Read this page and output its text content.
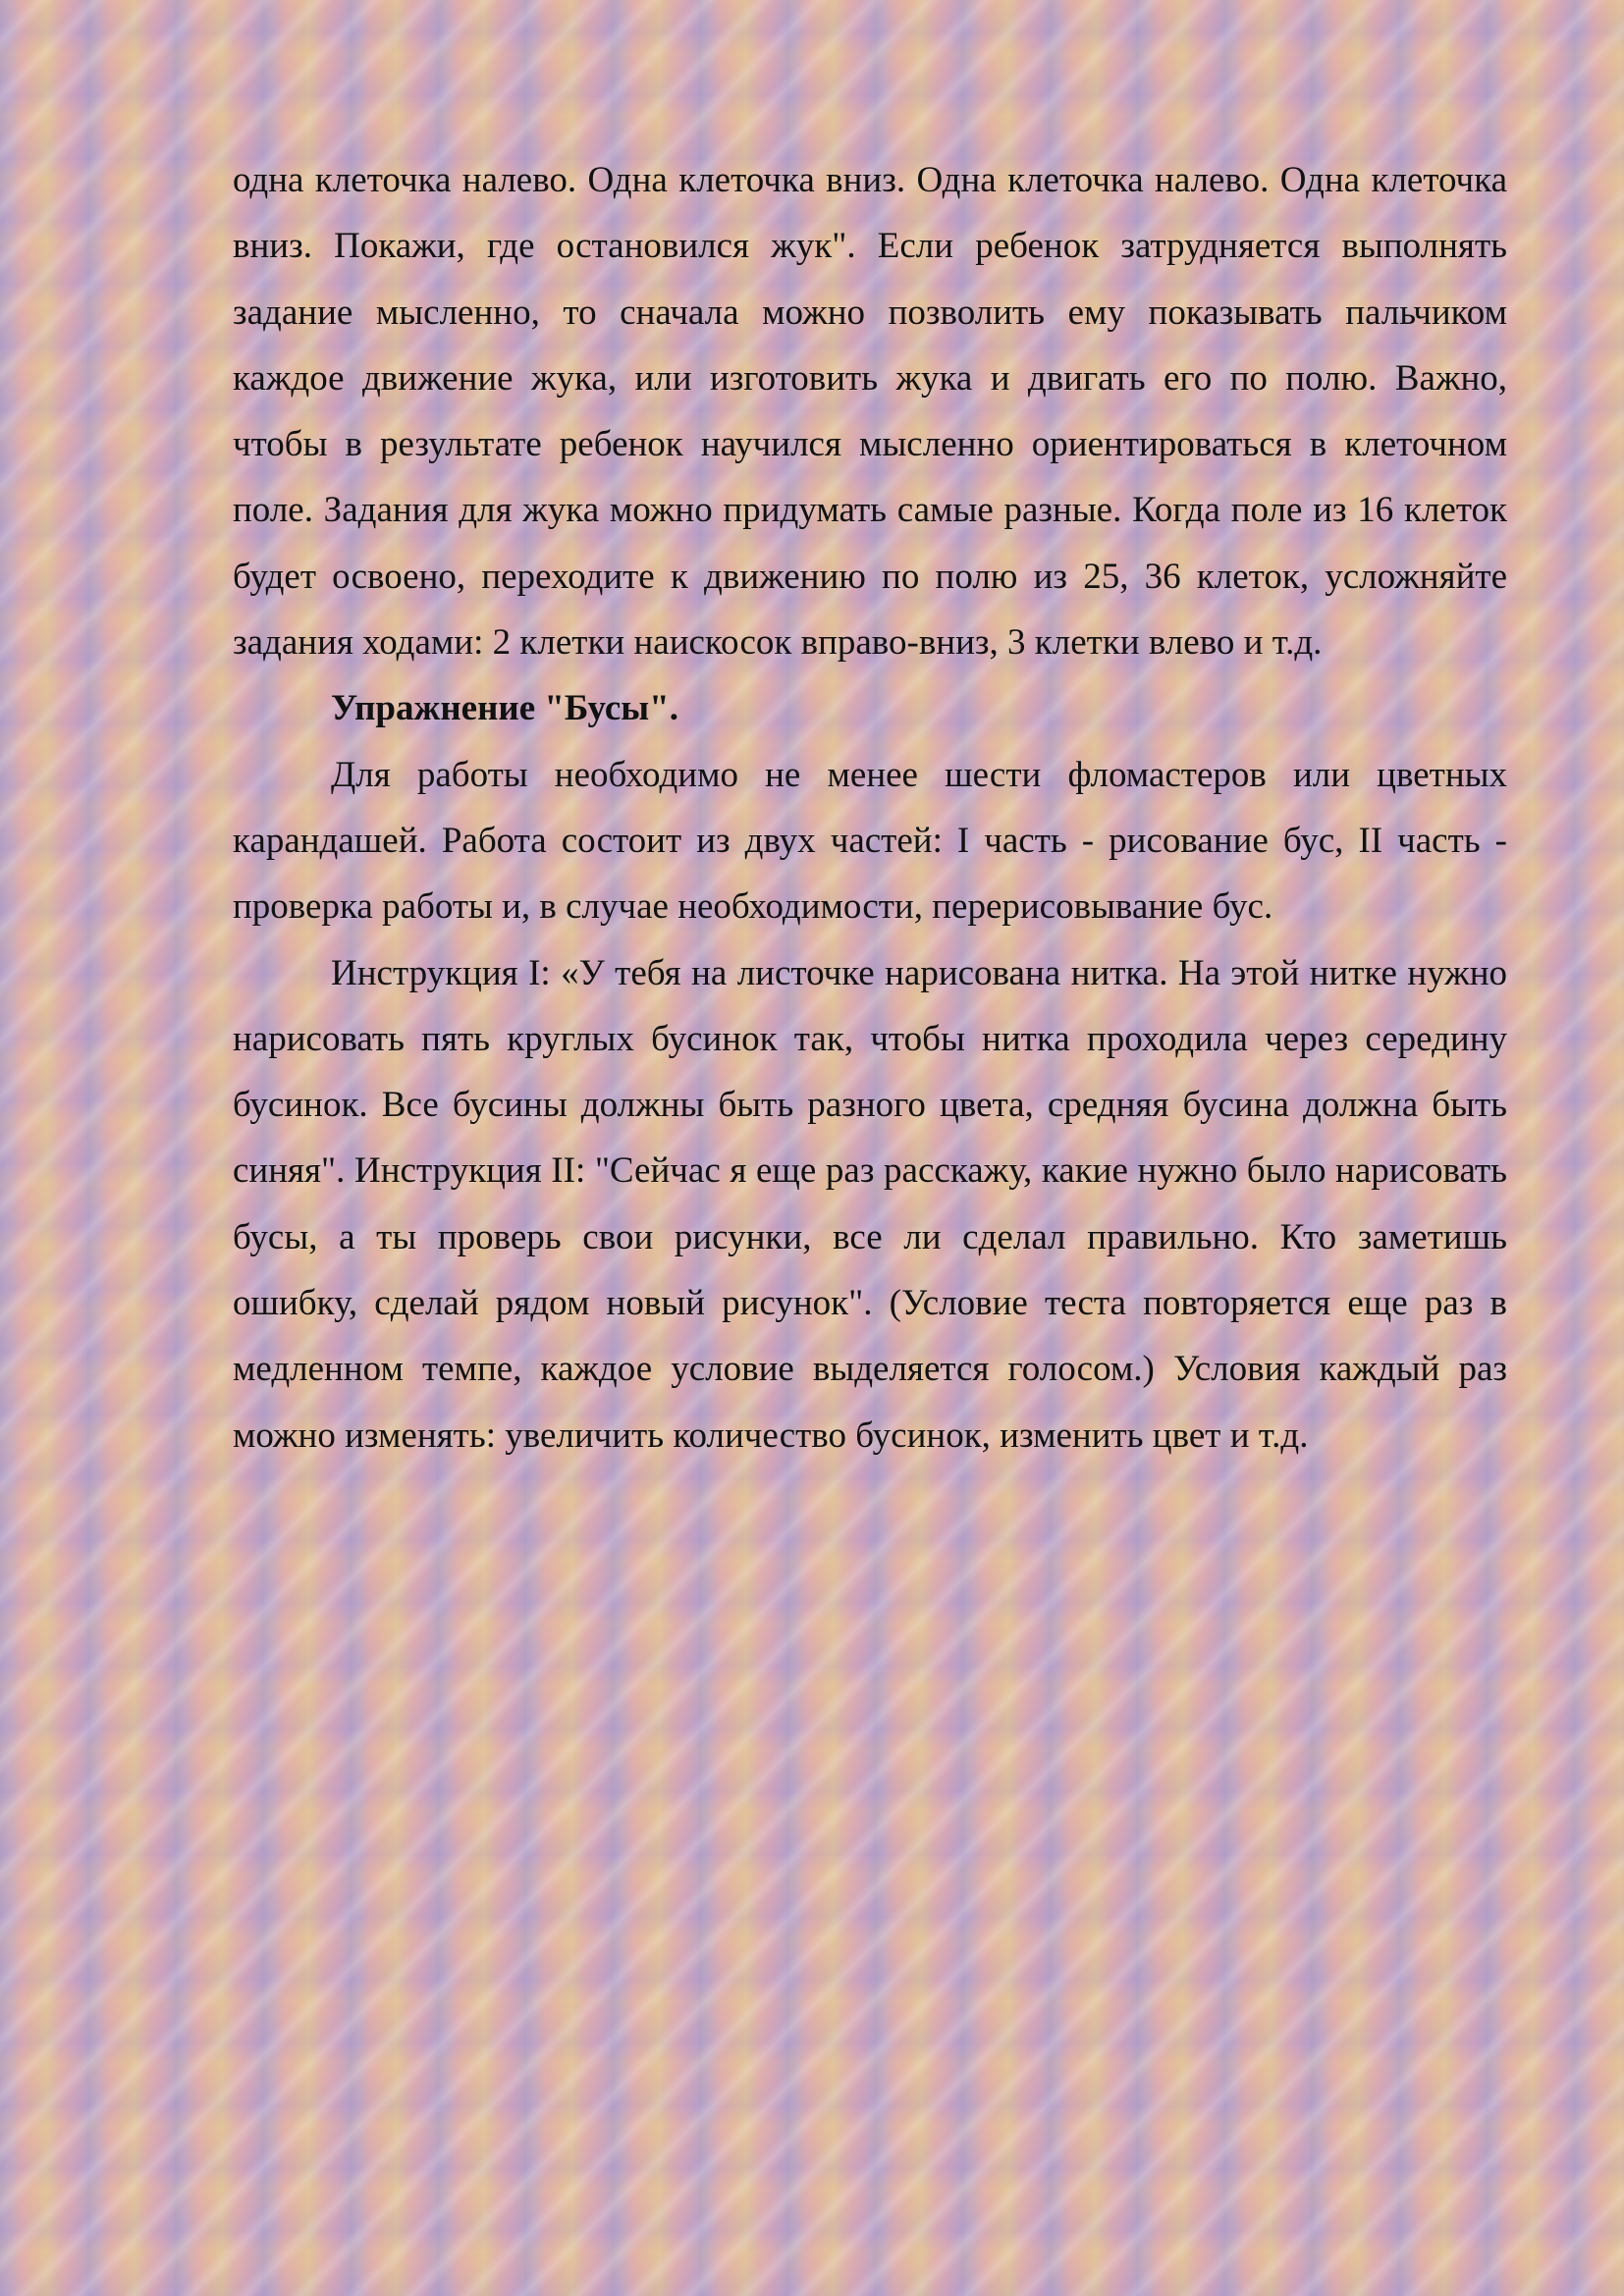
одна клеточка налево. Одна клеточка вниз. Одна клеточка налево. Одна клеточка вниз. Покажи, где остановился жук". Если ребенок затрудняется выполнять задание мысленно, то сначала можно позволить ему показывать пальчиком каждое движение жука, или изготовить жука и двигать его по полю. Важно, чтобы в результате ребенок научился мысленно ориентироваться в клеточном поле. Задания для жука можно придумать самые разные. Когда поле из 16 клеток будет освоено, переходите к движению по полю из 25, 36 клеток, усложняйте задания ходами: 2 клетки наискосок вправо-вниз, 3 клетки влево и т.д.

Упражнение "Бусы".

Для работы необходимо не менее шести фломастеров или цветных карандашей. Работа состоит из двух частей: I часть - рисование бус, II часть - проверка работы и, в случае необходимости, перерисовывание бус.

Инструкция I: «У тебя на листочке нарисована нитка. На этой нитке нужно нарисовать пять круглых бусинок так, чтобы нитка проходила через середину бусинок. Все бусины должны быть разного цвета, средняя бусина должна быть синяя". Инструкция II: "Сейчас я еще раз расскажу, какие нужно было нарисовать бусы, а ты проверь свои рисунки, все ли сделал правильно. Кто заметишь ошибку, сделай рядом новый рисунок". (Условие теста повторяется еще раз в медленном темпе, каждое условие выделяется голосом.) Условия каждый раз можно изменять: увеличить количество бусинок, изменить цвет и т.д.
